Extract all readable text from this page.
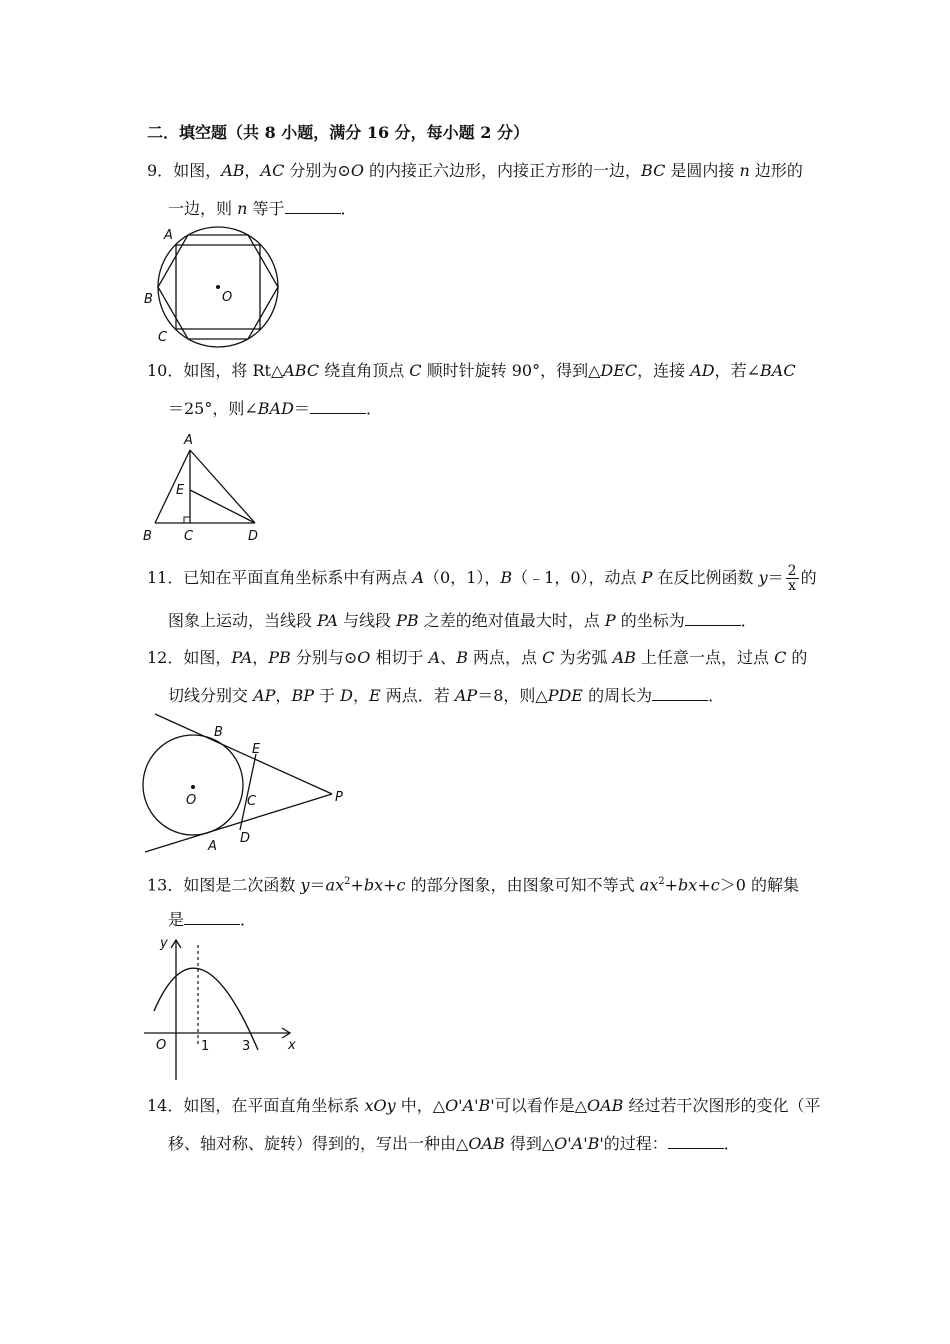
二．填空题（共 8 小题，满分 16 分，每小题 2 分）
9．如图，AB，AC 分别为⊙O 的内接正六边形，内接正方形的一边，BC 是圆内接 n 边形的
一边，则 n 等于	．
A
B
C
O
10．如图，将 Rt△ABC 绕直角顶点 C 顺时针旋转 90°，得到△DEC，连接 AD，若∠BAC
＝25°，则∠BAD＝	．
A
E
B C	D
11．已知在平面直角坐标系中有两点 A（0，1），B（﹣1，0），动点 P 在反比例函数 $y= \frac{2}{x}$ 的
图象上运动，当线段 PA 与线段 PB 之差的绝对值最大时，点 P 的坐标为	．
12．如图，PA，PB 分别与⊙O 相切于 A、B 两点，点 C 为劣弧 AB 上任意一点，过点 C 的
切线分别交 AP，BP 于 D，E 两点．若 AP＝8，则△PDE 的周长为	．
B
E
O	C	P
D
A
13．如图是二次函数 $y=ax^2+bx+c$ 的部分图象，由图象可知不等式 $ax^2+bx+c>0$ 的解集
是	．
y
x
O	1	3
14．如图，在平面直角坐标系 xOy 中，△O'A'B'可以看作是△OAB 经过若干次图形的变化（平
移、轴对称、旋转）得到的，写出一种由△OAB 得到△O'A'B'的过程：	．
